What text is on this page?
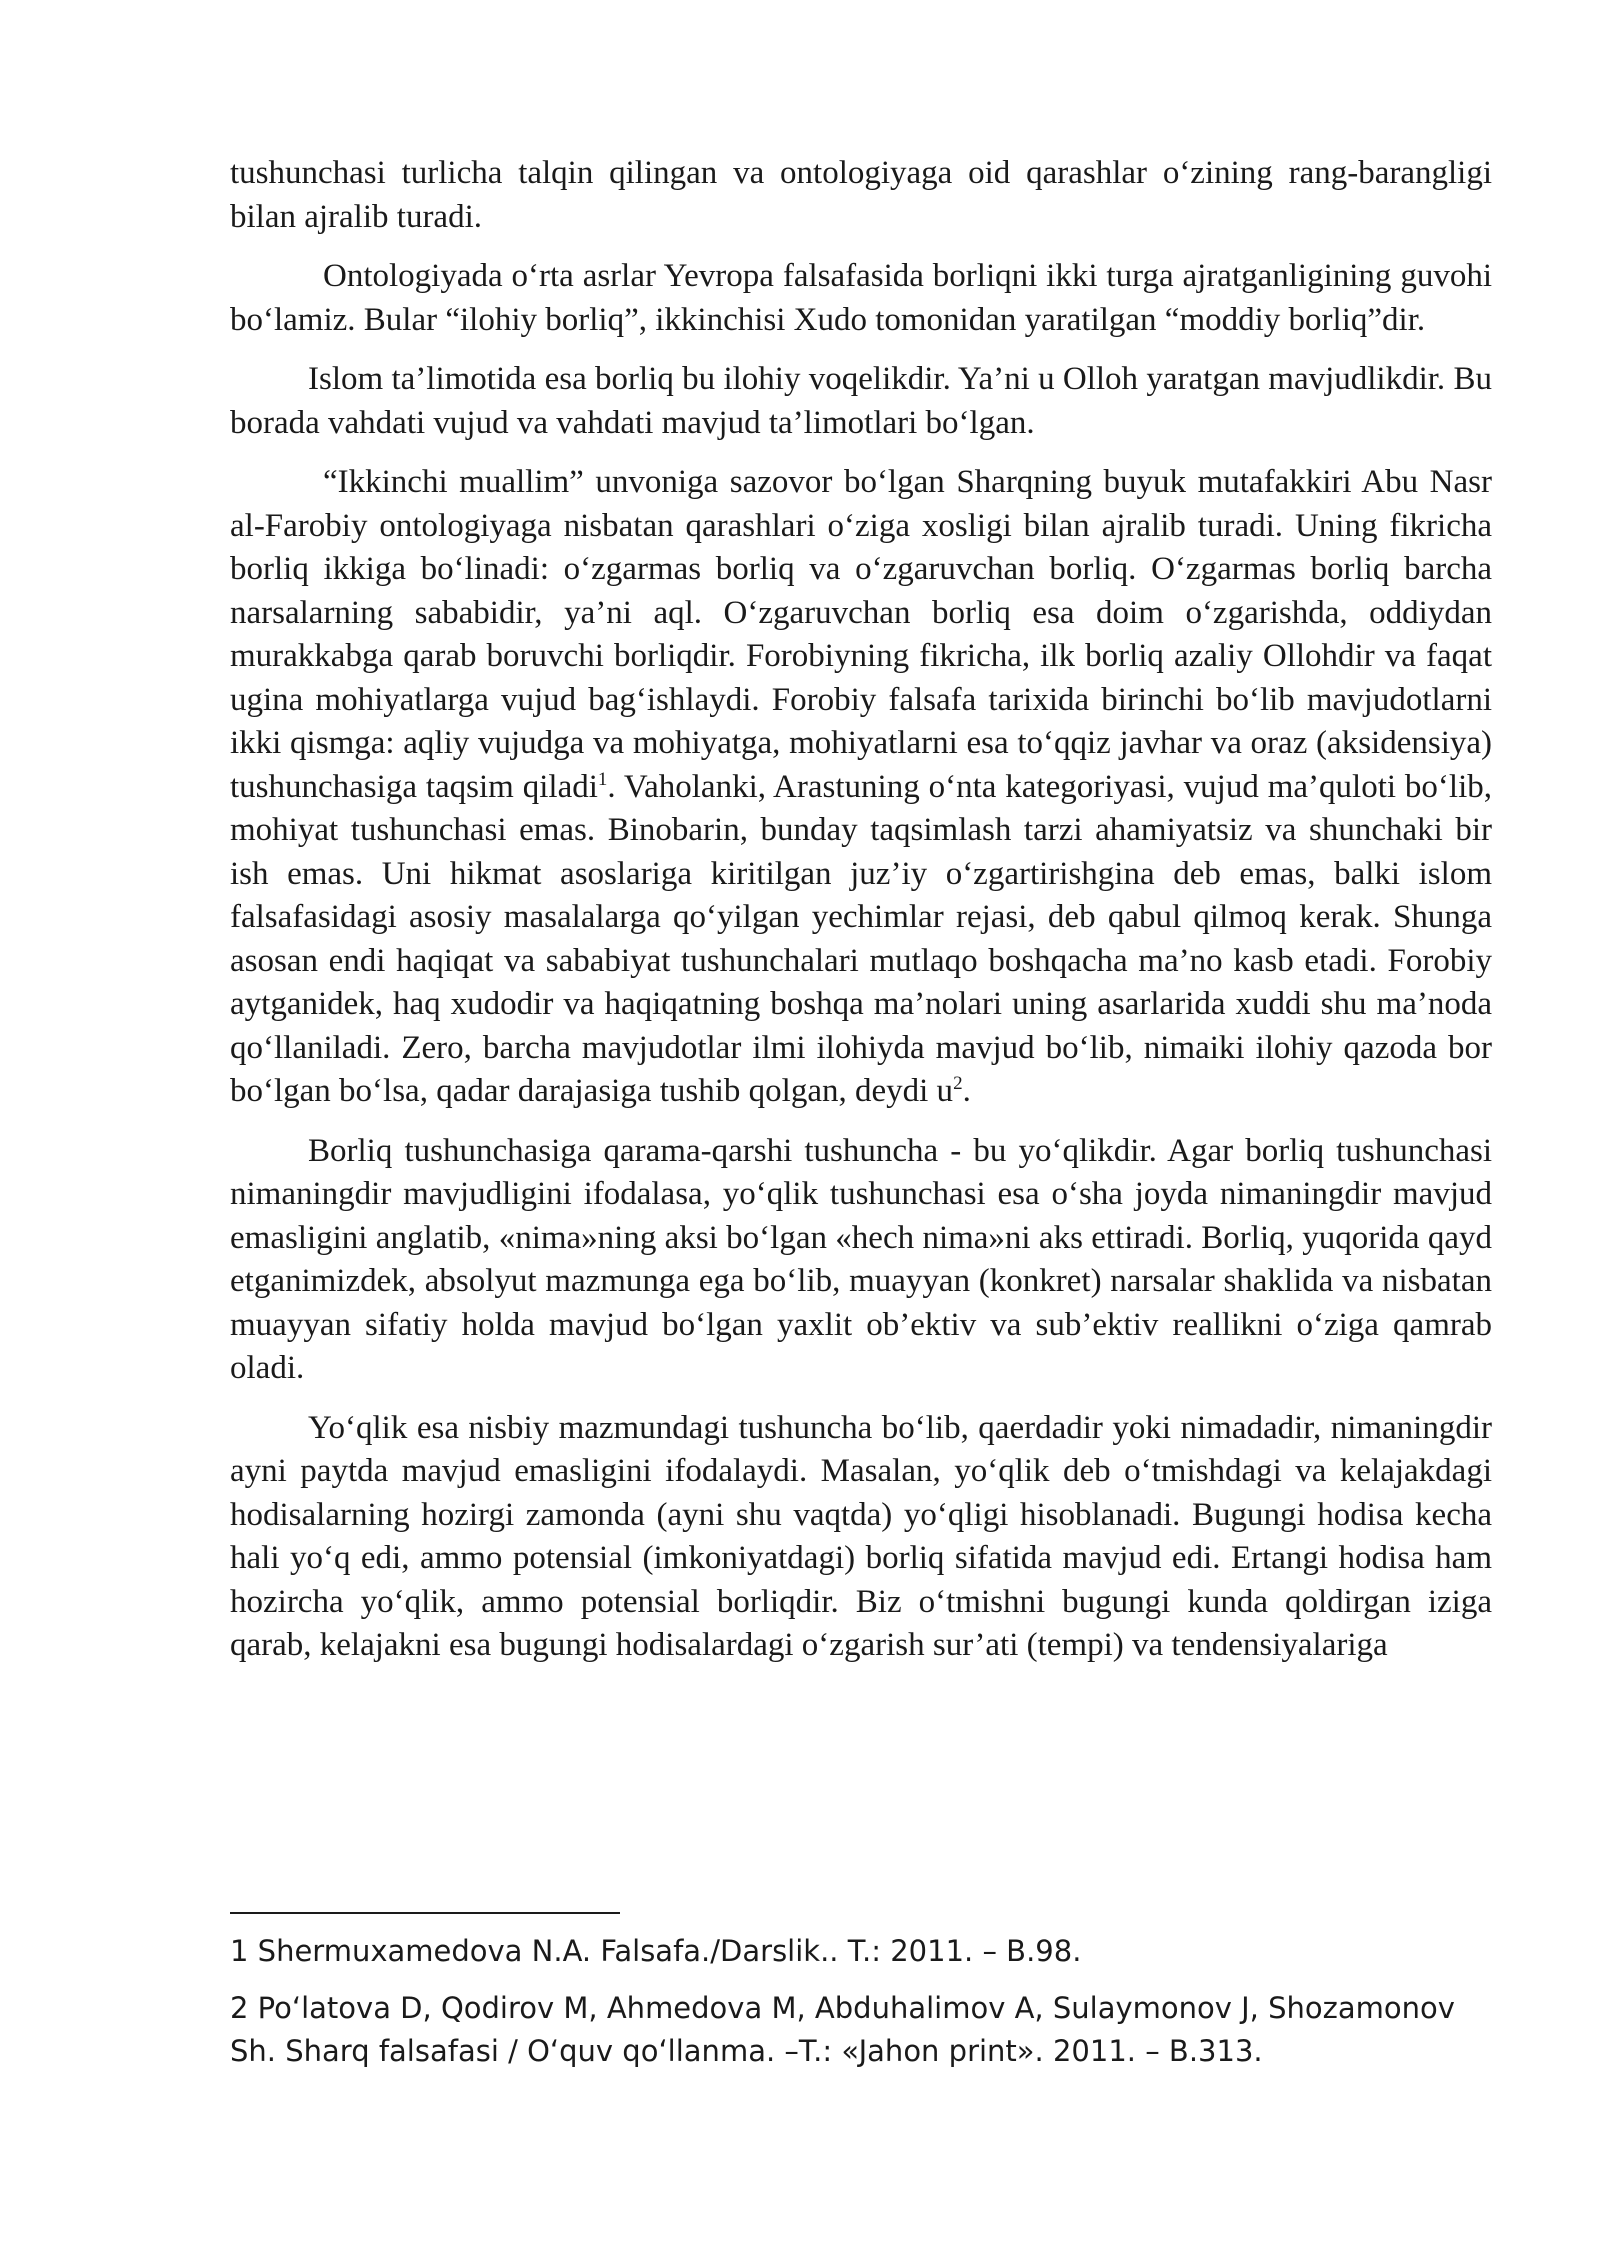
tushunchasi turlicha talqin qilingan va ontologiyaga oid qarashlar o‘zining rang-barangligi bilan ajralib turadi.

Ontologiyada o‘rta asrlar Yevropa falsafasida borliqni ikki turga ajratganligining guvohi bo‘lamiz. Bular “ilohiy borliq”, ikkinchisi Xudo tomonidan yaratilgan “moddiy borliq”dir.

Islom ta’limotida esa borliq bu ilohiy voqelikdir. Ya’ni u Olloh yaratgan mavjudlikdir. Bu borada vahdati vujud va vahdati mavjud ta’limotlari bo‘lgan.

“Ikkinchi muallim” unvoniga sazovor bo‘lgan Sharqning buyuk mutafakkiri Abu Nasr al-Farobiy ontologiyaga nisbatan qarashlari o‘ziga xosligi bilan ajralib turadi. Uning fikricha borliq ikkiga bo‘linadi: o‘zgarmas borliq va o‘zgaruvchan borliq. O‘zgarmas borliq barcha narsalarning sababidir, ya’ni aql. O‘zgaruvchan borliq esa doim o‘zgarishda, oddiydan murakkabga qarab boruvchi borliqdir. Forobiyning fikricha, ilk borliq azaliy Ollohdir va faqat ugina mohiyatlarga vujud bag‘ishlaydi. Forobiy falsafa tarixida birinchi bo‘lib mavjudotlarni ikki qismga: aqliy vujudga va mohiyatga, mohiyatlarni esa to‘qqiz javhar va oraz (aksidensiya) tushunchasiga taqsim qiladi$^1$. Vaholanki, Arastuning o‘nta kategoriyasi, vujud ma’quloti bo‘lib, mohiyat tushunchasi emas. Binobarin, bunday taqsimlash tarzi ahamiyatsiz va shunchaki bir ish emas. Uni hikmat asoslariga kiritilgan juz’iy o‘zgartirishgina deb emas, balki islom falsafasidagi asosiy masalalarga qo‘yilgan yechimlar rejasi, deb qabul qilmoq kerak. Shunga asosan endi haqiqat va sababiyat tushunchalari mutlaqo boshqacha ma’no kasb etadi. Forobiy aytganidek, haq xudodir va haqiqatning boshqa ma’nolari uning asarlarida xuddi shu ma’noda qo‘llaniladi. Zero, barcha mavjudotlar ilmi ilohiyda mavjud bo‘lib, nimaiki ilohiy qazoda bor bo‘lgan bo‘lsa, qadar darajasiga tushib qolgan, deydi $u^2$.

Borliq tushunchasiga qarama-qarshi tushuncha - bu yo‘qlikdir. Agar borliq tushunchasi nimaningdir mavjudligini ifodalasa, yo‘qlik tushunchasi esa o‘sha joyda nimaningdir mavjud emasligini anglatib, «nima»ning aksi bo‘lgan «hech nima»ni aks ettiradi. Borliq, yuqorida qayd etganimizdek, absolyut mazmunga ega bo‘lib, muayyan (konkret) narsalar shaklida va nisbatan muayyan sifatiy holda mavjud bo‘lgan yaxlit ob’ektiv va sub’ektiv reallikni o‘ziga qamrab oladi.

Yo‘qlik esa nisbiy mazmundagi tushuncha bo‘lib, qaerdadir yoki nimadadir, nimaningdir ayni paytda mavjud emasligini ifodalaydi. Masalan, yo‘qlik deb o‘tmishdagi va kelajakdagi hodisalarning hozirgi zamonda (ayni shu vaqtda) yo‘qligi hisoblanadi. Bugungi hodisa kecha hali yo‘q edi, ammo potensial (imkoniyatdagi) borliq sifatida mavjud edi. Ertangi hodisa ham hozircha yo‘qlik, ammo potensial borliqdir. Biz o‘tmishni bugungi kunda qoldirgan iziga qarab, kelajakni esa bugungi hodisalardagi o‘zgarish sur’ati (tempi) va tendensiyalariga

1 Shermuxamedova N.A. Falsafa./Darslik.. T.: 2011. – B.98.

2 Po‘latova D, Qodirov M, Ahmedova M, Abduhalimov A, Sulaymonov J, Shozamonov Sh. Sharq falsafasi / O‘quv qo‘llanma. –T.: «Jahon print». 2011. – B.313.
